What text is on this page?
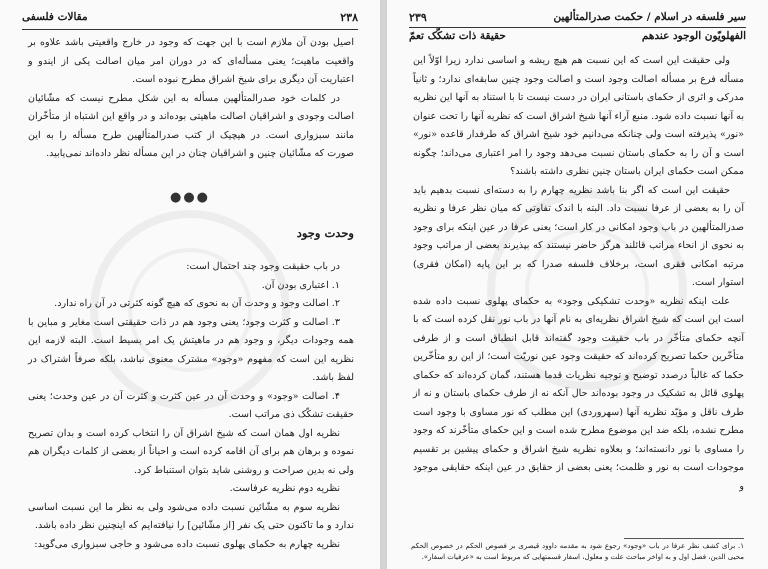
۲۳۸
مقالات فلسفی

اصیل بودن آن ملازم است با این جهت که وجود در خارج واقعیتی باشد علاوه بر واقعیت ماهیت؛ یعنی مسأله‌ای که در دوران امر میان اصالت یکی از ایندو و اعتباریت آن دیگری برای شیخ اشراق مطرح نبوده است.

در کلمات خود صدرالمتألهین مسأله به این شکل مطرح نیست که مشّائیان اصالت وجودی و اشراقیان اصالت ماهیتی بوده‌اند و در واقع این اشتباه از متأخّران مانند سبزواری است. در هیچیک از کتب صدرالمتألهین طرح مسأله را به این صورت که مشّائیان چنین و اشراقیان چنان در این مسأله نظر داده‌اند نمی‌یابید.

●●●
وحدت وجود

در باب حقیقت وجود چند احتمال است:

۱. اعتباری بودن آن.

۲. اصالت وجود و وحدت آن به نحوی که هیچ گونه کثرتی در آن راه ندارد.

۳. اصالت و کثرت وجود؛ یعنی وجود هم در ذات حقیقتی است مغایر و مباین با همه وجودات دیگر، و وجود هم در ماهیتش یک امر بسیط است. البته لازمه این نظریه این است که مفهوم «وجود» مشترک معنوی نباشد، بلکه صرفاً اشتراک در لفظ باشد.

۴. اصالت «وجود» و وحدت آن در عین کثرت و کثرت آن در عین وحدت؛ یعنی حقیقت تشکّک ذی مراتب است.

نظریه اول همان است که شیخ اشراق آن را انتخاب کرده است و بدان تصریح نموده و برهان هم برای آن اقامه کرده است و احیاناً از بعضی از کلمات دیگران هم ولی نه بدین صراحت و روشنی شاید بتوان استنباط کرد.

نظریه دوم نظریه عرفاست.

نظریه سوم به مشّائین نسبت داده می‌شود ولی به نظر ما این نسبت اساسی ندارد و ما تاکنون حتی یک نفر [از مشّائین] را نیافته‌ایم که اینچنین نظر داده باشد.

نظریه چهارم به حکمای پهلوی نسبت داده می‌شود و حاجی سبزواری می‌گوید:

سیر فلسفه در اسلام / حکمت صدرالمتألهین
۲۳۹
الفهلویّون الوجود عندهم
حقیقة ذات تشکّک تعمّ

ولی حقیقت این است که این نسبت هم هیچ ریشه و اساسی ندارد زیرا اوّلاً این مسأله فرع بر مسأله اصالت وجود است و اصالت وجود چنین سابقه‌ای ندارد؛ و ثانیاً مدرکی و اثری از حکمای باستانی ایران در دست نیست تا با استناد به آنها این نظریه به آنها نسبت داده شود. منبع آراء آنها شیخ اشراق است که نظریه آنها را تحت عنوان «نور» پذیرفته است ولی چنانکه می‌دانیم خود شیخ اشراق که طرفدار قاعده «نور» است و آن را به حکمای باستان نسبت می‌دهد وجود را امر اعتباری می‌داند؛ چگونه ممکن است حکمای ایران باستان چنین نظری داشته باشند؟

حقیقت این است که اگر بنا باشد نظریه چهارم را به دسته‌ای نسبت بدهیم باید آن را به بعضی از عرفا نسبت داد. البته با اندک تفاوتی که میان نظر عرفا و نظریه صدرالمتألهین در باب وجود امکانی در کار است؛ یعنی عرفا در عین اینکه برای وجود به نحوی از انحاء مراتب قائلند هرگز حاضر نیستند که بپذیرند بعضی از مراتب وجود مرتبه امکانی فقری است، برخلاف فلسفه صدرا که بر این پایه (امکان فقری) استوار است.

علت اینکه نظریه «وحدت تشکیکی وجود» به حکمای پهلوی نسبت داده شده است این است که شیخ اشراق نظریه‌ای به نام آنها در باب نور نقل کرده است که با آنچه حکمای متأخّر در باب حقیقت وجود گفته‌اند قابل انطباق است و از طرفی متأخّرین حکما تصریح کرده‌اند که حقیقت وجود عین نوریّت است؛ از این رو متأخّرین حکما که غالباً درصدد توضیح و توجیه نظریات قدما هستند، گمان کرده‌اند که حکمای پهلوی قائل به تشکیک در وجود بوده‌اند حال آنکه نه از طرف حکمای باستان و نه از طرف ناقل و مؤیّد نظریه آنها (سهروردی) این مطلب که نور مساوی با وجود است مطرح نشده، بلکه ضد این موضوع مطرح شده است و این حکمای متأخّرند که وجود را مساوی با نور دانسته‌اند؛ و بعلاوه نظریه شیخ اشراق و حکمای پیشین بر تقسیم موجودات است به نور و ظلمت؛ یعنی بعضی از حقایق در عین اینکه حقایقی موجود و

۱. برای کشف نظر عرفا در باب «وجود» رجوع شود به مقدمه داوود قیصری بر فصوص الحکم در خصوص الحکم محیی الدین، فصل اول و به اواخر مباحث علت و معلول، اسفار قسمتهایی که مربوط است به «عرفیات اسفار».
